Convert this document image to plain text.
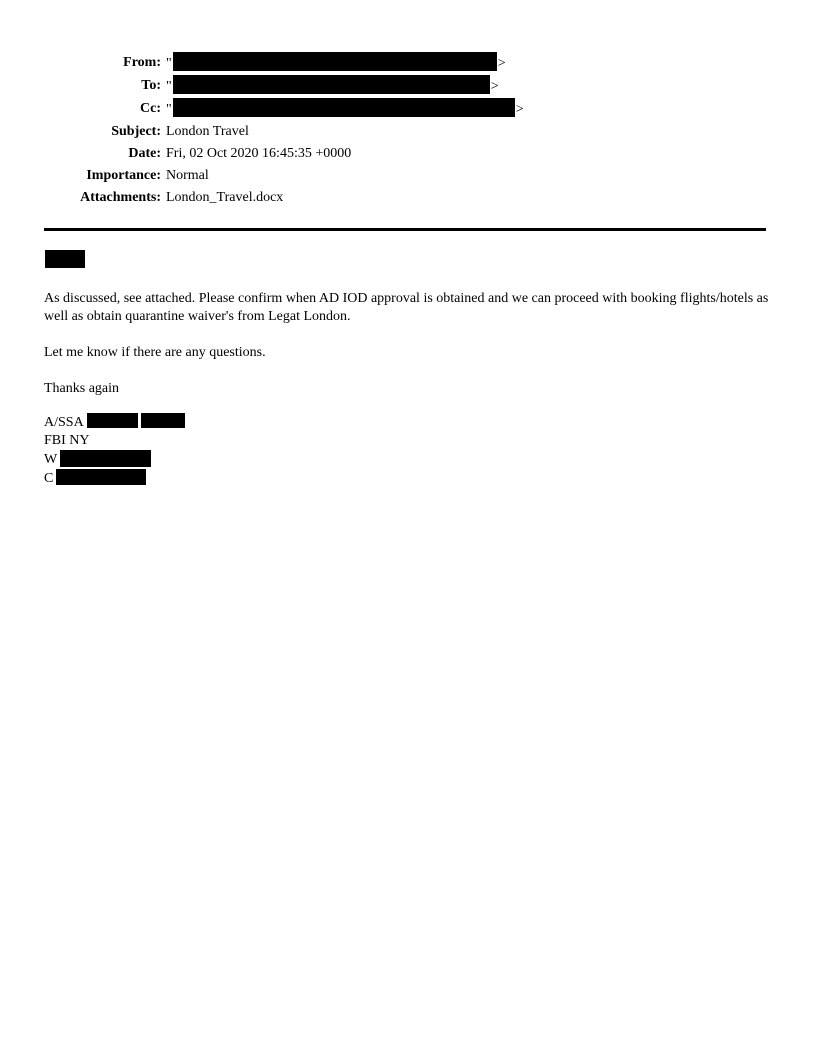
From: "	>
To: "	>
Cc: "	>
Subject: London Travel
Date: Fri, 02 Oct 2020 16:45:35 +0000
Importance: Normal
Attachments: London_Travel.docx

As discussed, see attached. Please confirm when AD IOD approval is obtained and we can proceed with booking flights/hotels as well as obtain quarantine waiver's from Legat London.

Let me know if there are any questions.

Thanks again

A/SSA
FBI NY
W
C
